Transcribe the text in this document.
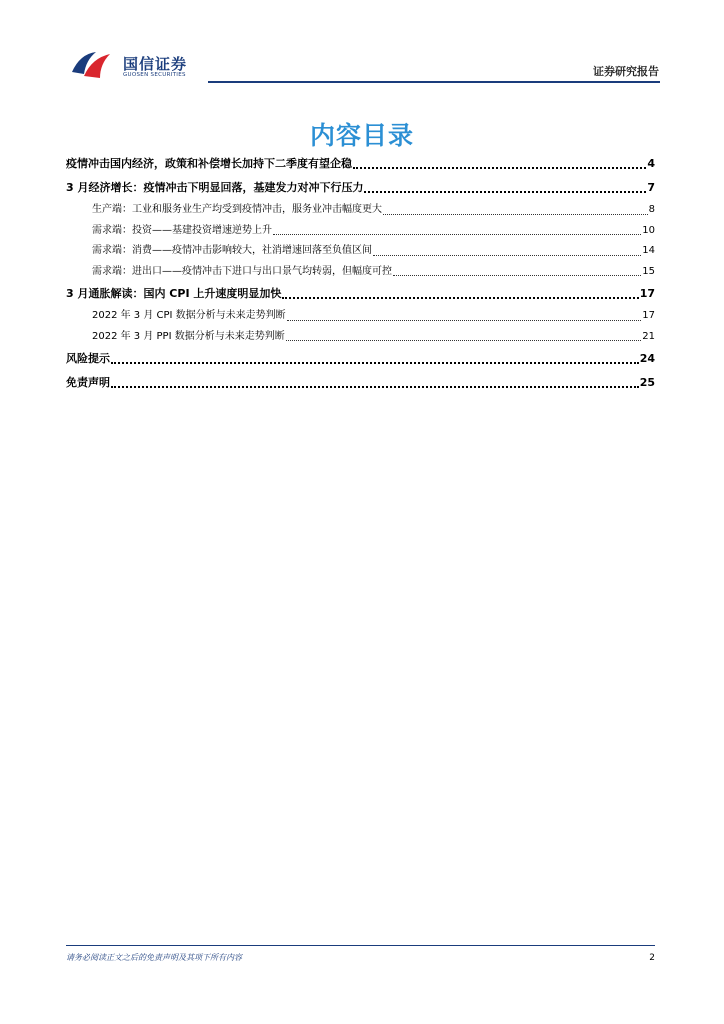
国信证券
GUOSEN SECURITIES	证券研究报告
内容目录
疫情冲击国内经济，政策和补偿增长加持下二季度有望企稳	4
3 月经济增长：疫情冲击下明显回落，基建发力对冲下行压力	7
生产端：工业和服务业生产均受到疫情冲击，服务业冲击幅度更大	8
需求端：投资——基建投资增速逆势上升	10
需求端：消费——疫情冲击影响较大，社消增速回落至负值区间	14
需求端：进出口——疫情冲击下进口与出口景气均转弱，但幅度可控	15
3 月通胀解读：国内 CPI 上升速度明显加快	17
2022 年 3 月 CPI 数据分析与未来走势判断	17
2022 年 3 月 PPI 数据分析与未来走势判断	21
风险提示	24
免责声明	25
请务必阅读正文之后的免责声明及其项下所有内容	2
